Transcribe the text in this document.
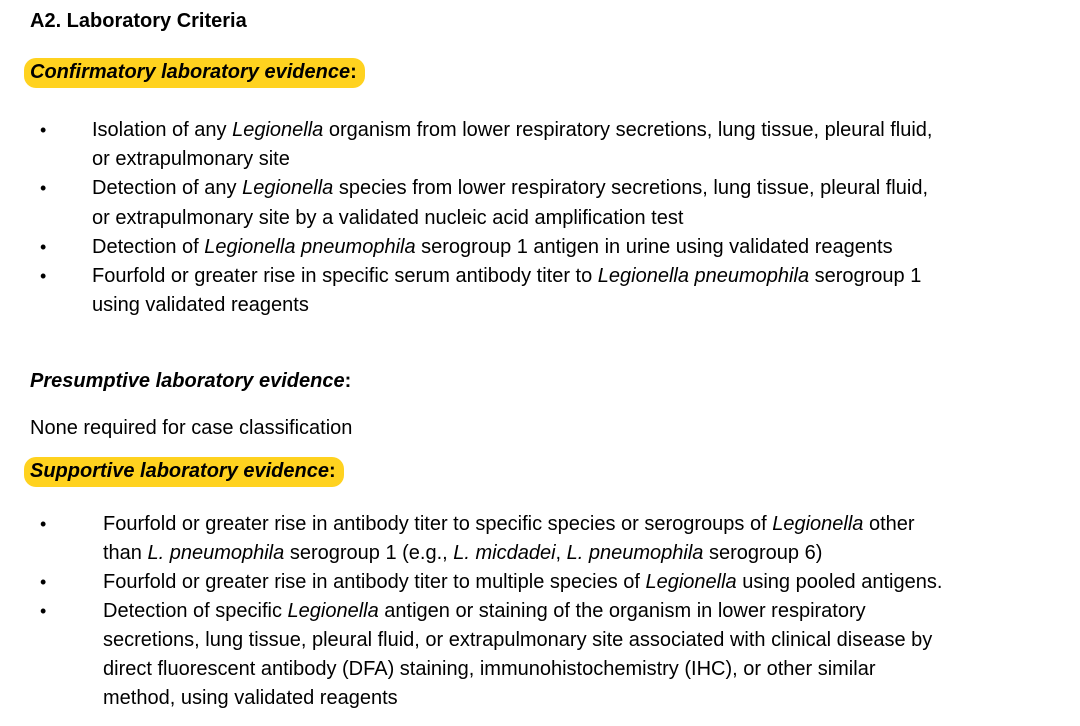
A2. Laboratory Criteria
Confirmatory laboratory evidence:
• Isolation of any Legionella organism from lower respiratory secretions, lung tissue, pleural fluid,
or extrapulmonary site
• Detection of any Legionella species from lower respiratory secretions, lung tissue, pleural fluid,
or extrapulmonary site by a validated nucleic acid amplification test
• Detection of Legionella pneumophila serogroup 1 antigen in urine using validated reagents
• Fourfold or greater rise in specific serum antibody titer to Legionella pneumophila serogroup 1
using validated reagents
Presumptive laboratory evidence:
None required for case classification
Supportive laboratory evidence:
•	Fourfold or greater rise in antibody titer to specific species or serogroups of Legionella other
than L. pneumophila serogroup 1 (e.g., L. micdadei, L. pneumophila serogroup 6)
•	Fourfold or greater rise in antibody titer to multiple species of Legionella using pooled antigens.
•	Detection of specific Legionella antigen or staining of the organism in lower respiratory
secretions, lung tissue, pleural fluid, or extrapulmonary site associated with clinical disease by
direct fluorescent antibody (DFA) staining, immunohistochemistry (IHC), or other similar
method, using validated reagents
